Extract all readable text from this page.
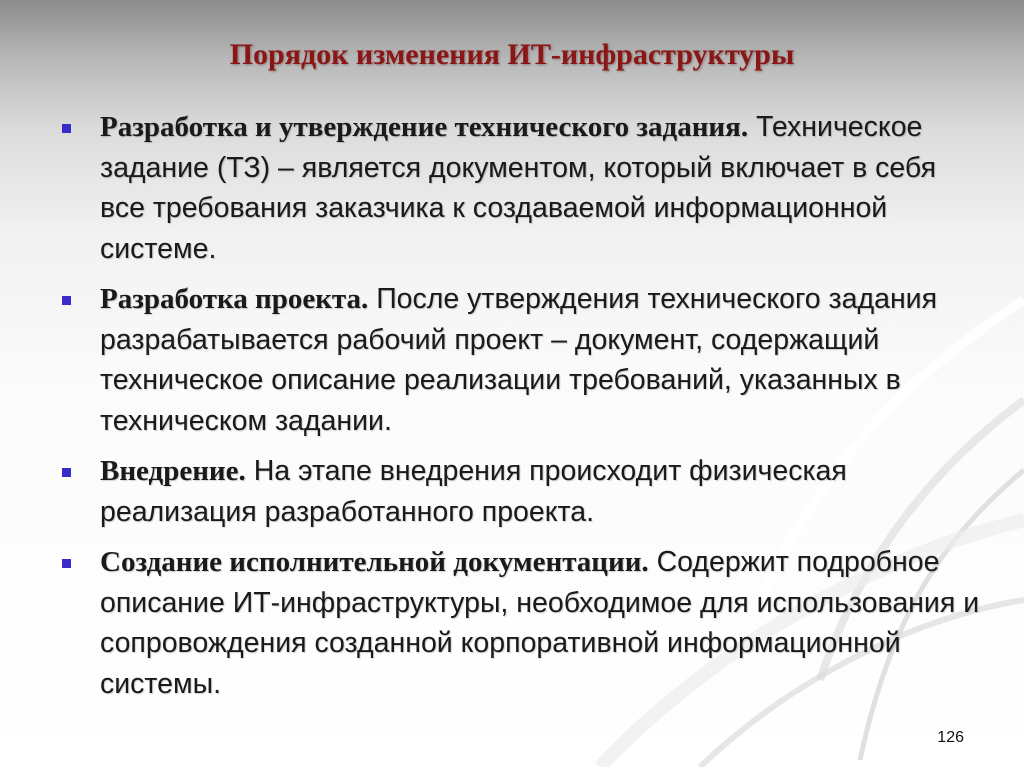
Порядок изменения ИТ-инфраструктуры
Разработка и утверждение технического задания. Техническое задание (ТЗ) – является документом, который включает в себя все требования заказчика к создаваемой информационной системе.
Разработка проекта. После утверждения технического задания разрабатывается рабочий проект – документ, содержащий техническое описание реализации требований, указанных в техническом задании.
Внедрение. На этапе внедрения происходит физическая реализация разработанного проекта.
Создание исполнительной документации. Содержит подробное описание ИТ-инфраструктуры, необходимое для использования и сопровождения созданной корпоративной информационной системы.
126
